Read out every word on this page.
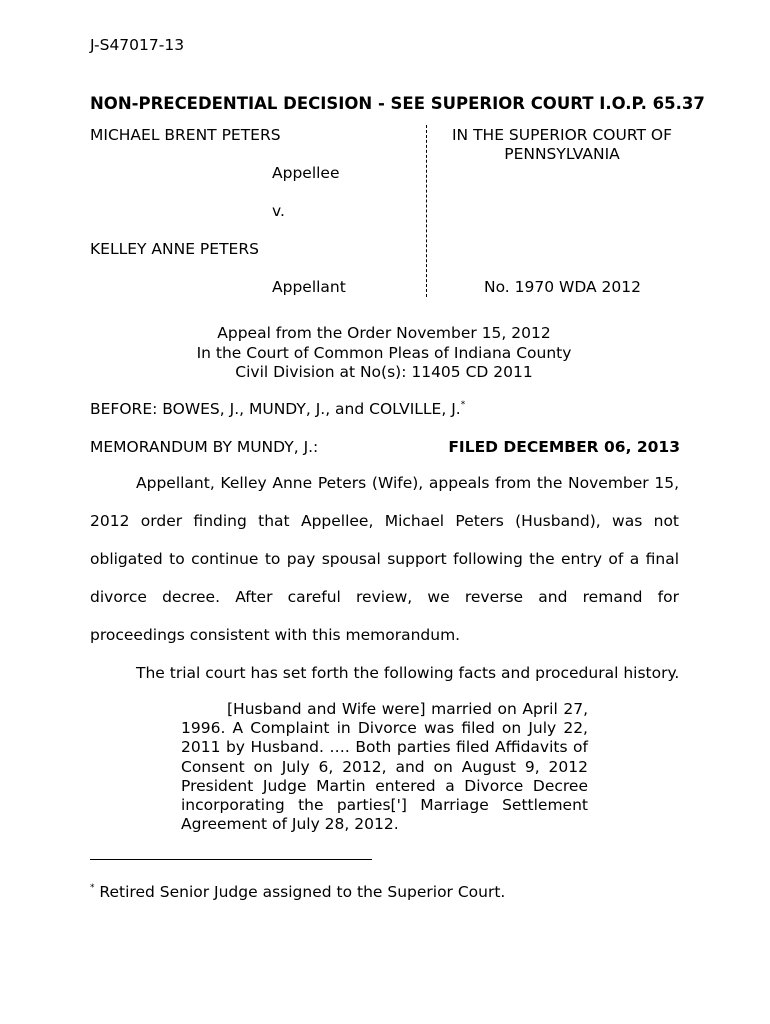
J-S47017-13
NON-PRECEDENTIAL DECISION - SEE SUPERIOR COURT I.O.P. 65.37
MICHAEL BRENT PETERS
Appellee
v.
KELLEY ANNE PETERS
Appellant
IN THE SUPERIOR COURT OF PENNSYLVANIA
No. 1970 WDA 2012
Appeal from the Order November 15, 2012
In the Court of Common Pleas of Indiana County
Civil Division at No(s): 11405 CD 2011
BEFORE: BOWES, J., MUNDY, J., and COLVILLE, J.*
MEMORANDUM BY MUNDY, J.:	FILED DECEMBER 06, 2013
Appellant, Kelley Anne Peters (Wife), appeals from the November 15, 2012 order finding that Appellee, Michael Peters (Husband), was not obligated to continue to pay spousal support following the entry of a final divorce decree. After careful review, we reverse and remand for proceedings consistent with this memorandum.
The trial court has set forth the following facts and procedural history.
[Husband and Wife were] married on April 27, 1996. A Complaint in Divorce was filed on July 22, 2011 by Husband. …. Both parties filed Affidavits of Consent on July 6, 2012, and on August 9, 2012 President Judge Martin entered a Divorce Decree incorporating the parties['] Marriage Settlement Agreement of July 28, 2012.
* Retired Senior Judge assigned to the Superior Court.
